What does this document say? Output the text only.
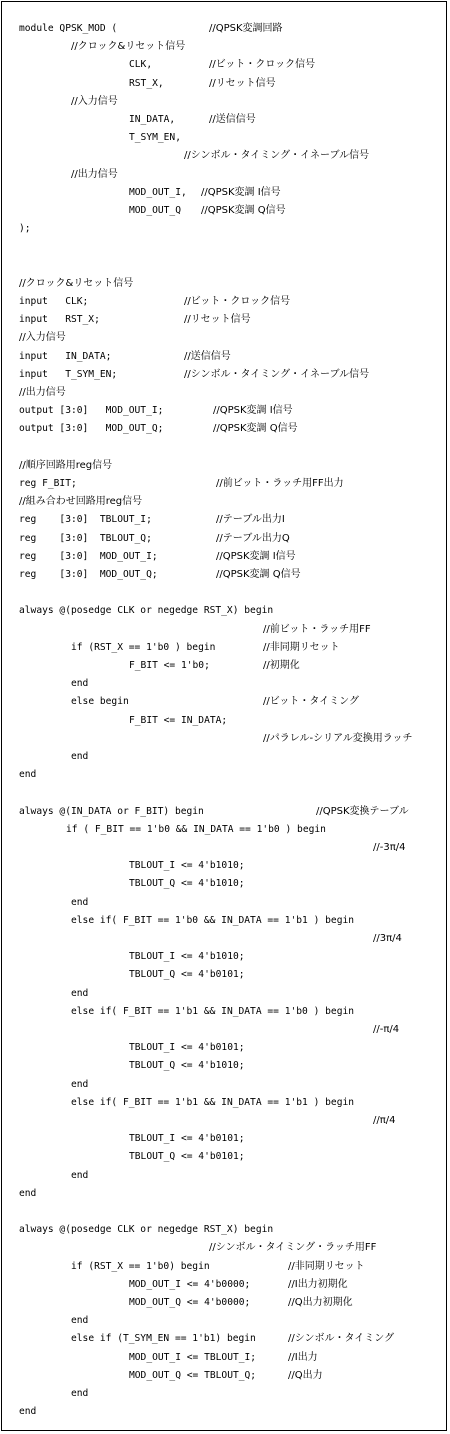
module QPSK_MOD (	//QPSK変調回路
//クロック&リセット信号
CLK,	//ビット・クロック信号
RST_X,	//リセット信号
//入力信号
IN_DATA,	//送信信号
T_SYM_EN,
//シンボル・タイミング・イネーブル信号
//出力信号
MOD_OUT_I, //QPSK変調 I信号
MOD_OUT_Q //QPSK変調 Q信号
);
//クロック&リセット信号
input   CLK;	//ビット・クロック信号
input   RST_X;	//リセット信号
//入力信号
input   IN_DATA;	//送信信号
input   T_SYM_EN;	//シンボル・タイミング・イネーブル信号
//出力信号
output [3:0]   MOD_OUT_I;	//QPSK変調 I信号
output [3:0]   MOD_OUT_Q;	//QPSK変調 Q信号
//順序回路用reg信号
reg F_BIT;	//前ビット・ラッチ用FF出力
//組み合わせ回路用reg信号
reg    [3:0]  TBLOUT_I;	//テーブル出力I
reg    [3:0]  TBLOUT_Q;	//テーブル出力Q
reg    [3:0]  MOD_OUT_I;	//QPSK変調 I信号
reg    [3:0]  MOD_OUT_Q;	//QPSK変調 Q信号
always @(posedge CLK or negedge RST_X) begin
//前ビット・ラッチ用FF
if (RST_X == 1'b0 ) begin	//非同期リセット
F_BIT <= 1'b0;	//初期化
end
else begin	//ビット・タイミング
F_BIT <= IN_DATA;
//パラレル-シリアル変換用ラッチ
end
end
always @(IN_DATA or F_BIT) begin	//QPSK変換テーブル
if ( F_BIT == 1'b0 && IN_DATA == 1'b0 ) begin
//-3π/4
TBLOUT_I <= 4'b1010;
TBLOUT_Q <= 4'b1010;
end
else if( F_BIT == 1'b0 && IN_DATA == 1'b1 ) begin
//3π/4
TBLOUT_I <= 4'b1010;
TBLOUT_Q <= 4'b0101;
end
else if( F_BIT == 1'b1 && IN_DATA == 1'b0 ) begin
//-π/4
TBLOUT_I <= 4'b0101;
TBLOUT_Q <= 4'b1010;
end
else if( F_BIT == 1'b1 && IN_DATA == 1'b1 ) begin
//π/4
TBLOUT_I <= 4'b0101;
TBLOUT_Q <= 4'b0101;
end
end
always @(posedge CLK or negedge RST_X) begin
//シンボル・タイミング・ラッチ用FF
if (RST_X == 1'b0) begin	//非同期リセット
MOD_OUT_I <= 4'b0000;	//I出力初期化
MOD_OUT_Q <= 4'b0000;	//Q出力初期化
end
else if (T_SYM_EN == 1'b1) begin	//シンボル・タイミング
MOD_OUT_I <= TBLOUT_I;	//I出力
MOD_OUT_Q <= TBLOUT_Q;	//Q出力
end
end
